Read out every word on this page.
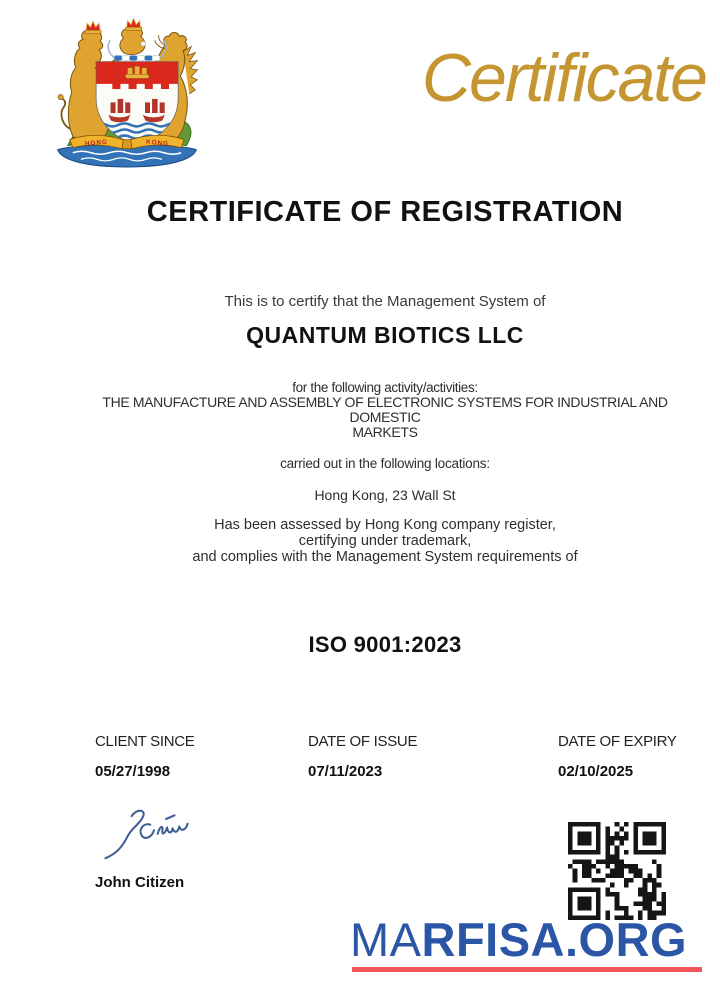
HONG	KONG
Certificate
CERTIFICATE OF REGISTRATION
This is to certify that the Management System of
QUANTUM BIOTICS LLC
for the following activity/activities:
THE MANUFACTURE AND ASSEMBLY OF ELECTRONIC SYSTEMS FOR INDUSTRIAL AND
DOMESTIC
MARKETS
carried out in the following locations:
Hong Kong, 23 Wall St
Has been assessed by Hong Kong company register,
certifying under trademark,
and complies with the Management System requirements of
ISO 9001:2023
CLIENT SINCE	DATE OF ISSUE	DATE OF EXPIRY
05/27/1998	07/11/2023	02/10/2025
John Citizen
MARFISA.ORG
